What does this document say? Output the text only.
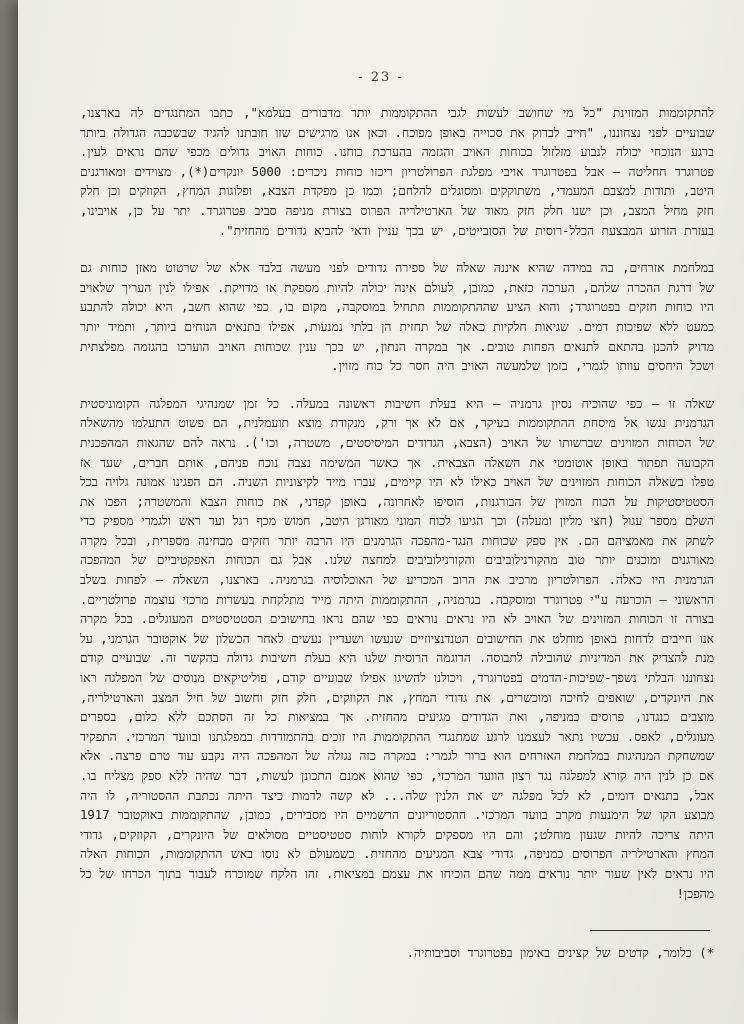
- 23 -

להתקוממות המזוינת "כל מי שחושב לעשות לגבי ההתקוממות יותר מדבורים בעלמא", כתבו המתנגדים לה בארצנו, שבועיים לפני נצחוננו, "חייב לבדוק את סכוייה באופן מפוכח. וכאן אנו מרגישים שזו חובתנו להגיד שבשכבה הגדולה ביותר ברגע הנוכחי יכולה לנבוע מזלזול בכוחות האויב והגזמה בהערכת כוחנו. כוחות האויב גדולים מכפי שהם נראים לעין. פטרוגרד חחליטה – אבל בפטרוגרד אויבי מפלגת הפרולטריון ריכזו כוחות ניכרים: 5000 יונקרים(*), מצוידים ומאורגנים היטב, ותודות למצבם המעמדי, משתוקקים ומסוגלים להלחם; וכמו כן מפקדת הצבא, ופלוגות המחץ, הקוזקים וכן חלק חזק מחיל המצב, וכן ישנו חלק חזק מאוד של הארטילריה הפרוס בצורת מניפה סביב פטרוגרד. יתר על כן, אויבינו, בעזרת הזרוע המבצעת הכלל-רוסית של הסובייטים, יש בכך עניין ודאי להביא גדודים מהחזית".

במלחמת אזרחים, בה במידה שהיא איננה שאלה של ספירה גדודים לפני מעשה בלבד אלא של שרטוט מאזן כוחות גם של דרגת ההכרה שלהם, הערכה כזאת, כמובן, לעולם אינה יכולה להיות מספקת או מדויקת. אפילו לנין העריך שלאויב היו כוחות חזקים בפטרוגרד; והוא הציע שההתקוממות תתחיל במוסקבה, מקום בו, כפי שהוא חשב, היא יכולה להתבע כמעט ללא שפיכות דמים. שגיאות חלקיות כאלה של תחזית הן בלתי נמנעות, אפילו בתנאים הנוחים ביותר, ותמיד יותר מדויק להכנן בהתאם לתנאים הפחות טובים. אך במקרה הנתון, יש בכך ענין שכוחות האויב הוערכו בהגזמה מפלצתית ושכל היחסים עוותו לגמרי, בזמן שלמעשה האויב היה חסר כל כוח מזוין.

שאלה זו – כפי שהוכיח נסיון גרמניה – היא בעלת חשיבות ראשונה במעלה. כל זמן שמנהיגי המפלגה הקומוניסטית הגרמנית נגשו אל מיסחת ההתקוממות בעיקר, אם לא אך ורק, מנקודת מוצא תועמלנית, הם פשוט התעלמו מהשאלה של הכוחות המזוינים שברשותו של האויב (הצבא, הגדודים המיסיסטים, משטרה, וכו'). נראה להם שהגאות המהפכנית הקבועה תפתור באופן אוטומטי את השאלה הצבאית. אך כאשר המשימה נצבה נוכח פניהם, אותם חברים, שעד אז טפלו בשאלה הכוחות המזוינים של האויב כאילו לא היו קיימים, עברו מייד לקיצוניות השניה. הם הפגינו אמונה גלויה בכל הסטטיסטיקות על הכוח המזוין של הבורגנות, הוסיפו לאחרונה, באופן קפדני, את כוחות הצבא והמשטרה; הפכו את השלם מספר עגול (חצי מליון ומעלה) וכך הגיעו לכוח המוני מאורגן היטב, חמוש מכף רגל ועד ראש ולגמרי מספיק כדי לשתק את מאמציהם הם. אין ספק שכוחות הנגד-מהפכה הגרמנים היו הרבה יותר חזקים מבחינה מספרית, ובכל מקרה מאורגנים ומוכנים יותר טוב מהקורנילוביבים והקורנילוביבים למחצה שלנו. אבל גם הכוחות האפקטיביים של המהפכה הגרמנית היו כאלה. הפרולטריון מרכיב את הרוב המכריע של האוכלוסיה בגרמניה. בארצנו, השאלה – לפחות בשלב הראשוני – הוכרעה ע"י פטרוגרד ומוסקבה. בגרמניה, ההתקוממות היתה מייד מתלקחת בעשרות מרכזי עוצמה פרולטריים. בצורה זו הכוחות המזוינים של האויב לא היו נראים נוראים כפי שהם נראו בחישובים הסטטיסטיים המעוגלים. בכל מקרה אנו חייבים לדחות באופן מוחלט את החישובים הטנדנציוזיים שנעשו ושעדיין נעשים לאחר הכשלון של אוקטובר הגרמני, על מנת להצדיק את המדיניות שהובילה לתבוסה. הדוגמה הרוסית שלנו היא בעלת חשיבות גדולה בהקשר זה. שבועיים קודם נצחוננו הבלתי נשפך-שפיכות-הדמים בפטרוגרד, ויכולנו להשיגו אפילו שבועיים קודם, פוליטיקאים מנוסים של המפלגה ראו את היונקרים, שואפים לחיכה ומוכשרים, את גדודי המחץ, את הקוזקים, חלק חזק וחשוב של חיל המצב והארטילריה, מוצבים כנגדנו, פרוסים כמניפה, ואת הגדודים מגיעים מהחזית. אך במציאות כל זה הסתכם ללא כלום, בספרים מעוגלים, לאפס. עכשיו נתאר לעצמנו לרגע שמתנגדי ההתקוממות היו זוכים בהתמודדות במפלגתנו ובוועד המרכזי. התפקיד שמשחקת המנהיגות במלחמת האזרחים הוא ברור לגמרי: במקרה כזה נגזלה של המהפכה היה נקבע עוד טרם פרצה. אלא אם כן לנין היה קורא למפלגה נגד רצון הוועד המרכזי, כפי שהוא אמנם התכונן לעשות, דבר שהיה ללא ספק מצליח בו. אבל, בתנאים דומים, לא לכל מפלגה יש את הלנין שלה... לא קשה לדמות כיצד היתה נכתבת ההסטוריה, לו היה מבוצע הקו של הימנעות מקרב בוועד המרכזי. ההסטוריונים הרשמיים היו מסבירים, כמובן, שהתקוממות באוקטובר 1917 היתה צריכה להיות שגעון מוחלט; והם היו מספקים לקורא לוחות סטטיסטיים מסולאים של היונקרים, הקוזקים, גדודי המחץ והארטילריה הפרוסים כמניפה, גדודי צבא המגיעים מהחזית. כשמעולם לא נוסו באש ההתקוממות, הכוחות האלה היו נראים לאין שעור יותר נוראים ממה שהם הוכיחו את עצמם במציאות. זהו הלקח שמוכרח לעבור בתוך הכרחו של כל מהפכן!

*) כלומר, קדטים של קצינים באימון בפטרוגרד וסביבותיה.
